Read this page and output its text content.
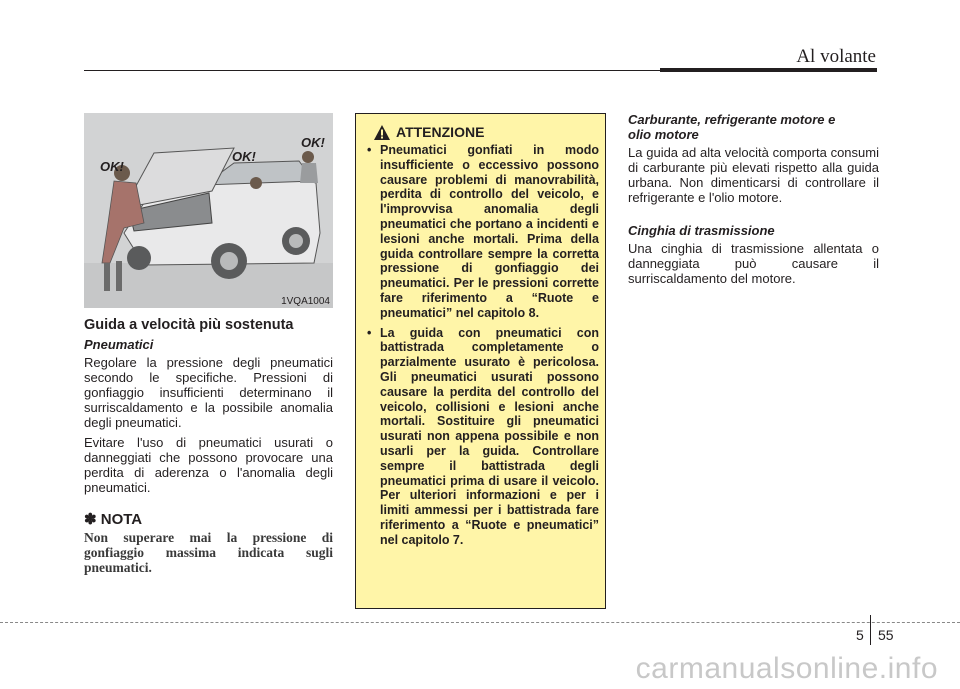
Al volante
OK!
OK!
OK!
1VQA1004
Guida a velocità più sostenuta
Pneumatici

Regolare la pressione degli pneumatici secondo le specifiche. Pressioni di gonfiaggio insufficienti determinano il surriscaldamento e la possibile anomalia degli pneumatici.

Evitare l'uso di pneumatici usurati o danneggiati che possono provocare una perdita di aderenza o l'anomalia degli pneumatici.

✽ NOTA

Non superare mai la pressione di gonfiaggio massima indicata sugli pneumatici.

ATTENZIONE
• Pneumatici gonfiati in modo insufficiente o eccessivo possono causare problemi di manovrabilità, perdita di controllo del veicolo, e l'improvvisa anomalia degli pneumatici che portano a incidenti e lesioni anche mortali. Prima della guida controllare sempre la corretta pressione di gonfiaggio dei pneumatici. Per le pressioni corrette fare riferimento a “Ruote e pneumatici” nel capitolo 8.
• La guida con pneumatici con battistrada completamente o parzialmente usurato è pericolosa. Gli pneumatici usurati possono causare la perdita del controllo del veicolo, collisioni e lesioni anche mortali. Sostituire gli pneumatici usurati non appena possibile e non usarli per la guida. Controllare sempre il battistrada degli pneumatici prima di usare il veicolo. Per ulteriori informazioni e per i limiti ammessi per i battistrada fare riferimento a “Ruote e pneumatici” nel capitolo 7.
Carburante, refrigerante motore e olio motore

La guida ad alta velocità comporta consumi di carburante più elevati rispetto alla guida urbana. Non dimenticarsi di controllare il refrigerante e l'olio motore.

Cinghia di trasmissione

Una cinghia di trasmissione allentata o danneggiata può causare il surriscaldamento del motore.

5 55
carmanualsonline.info
